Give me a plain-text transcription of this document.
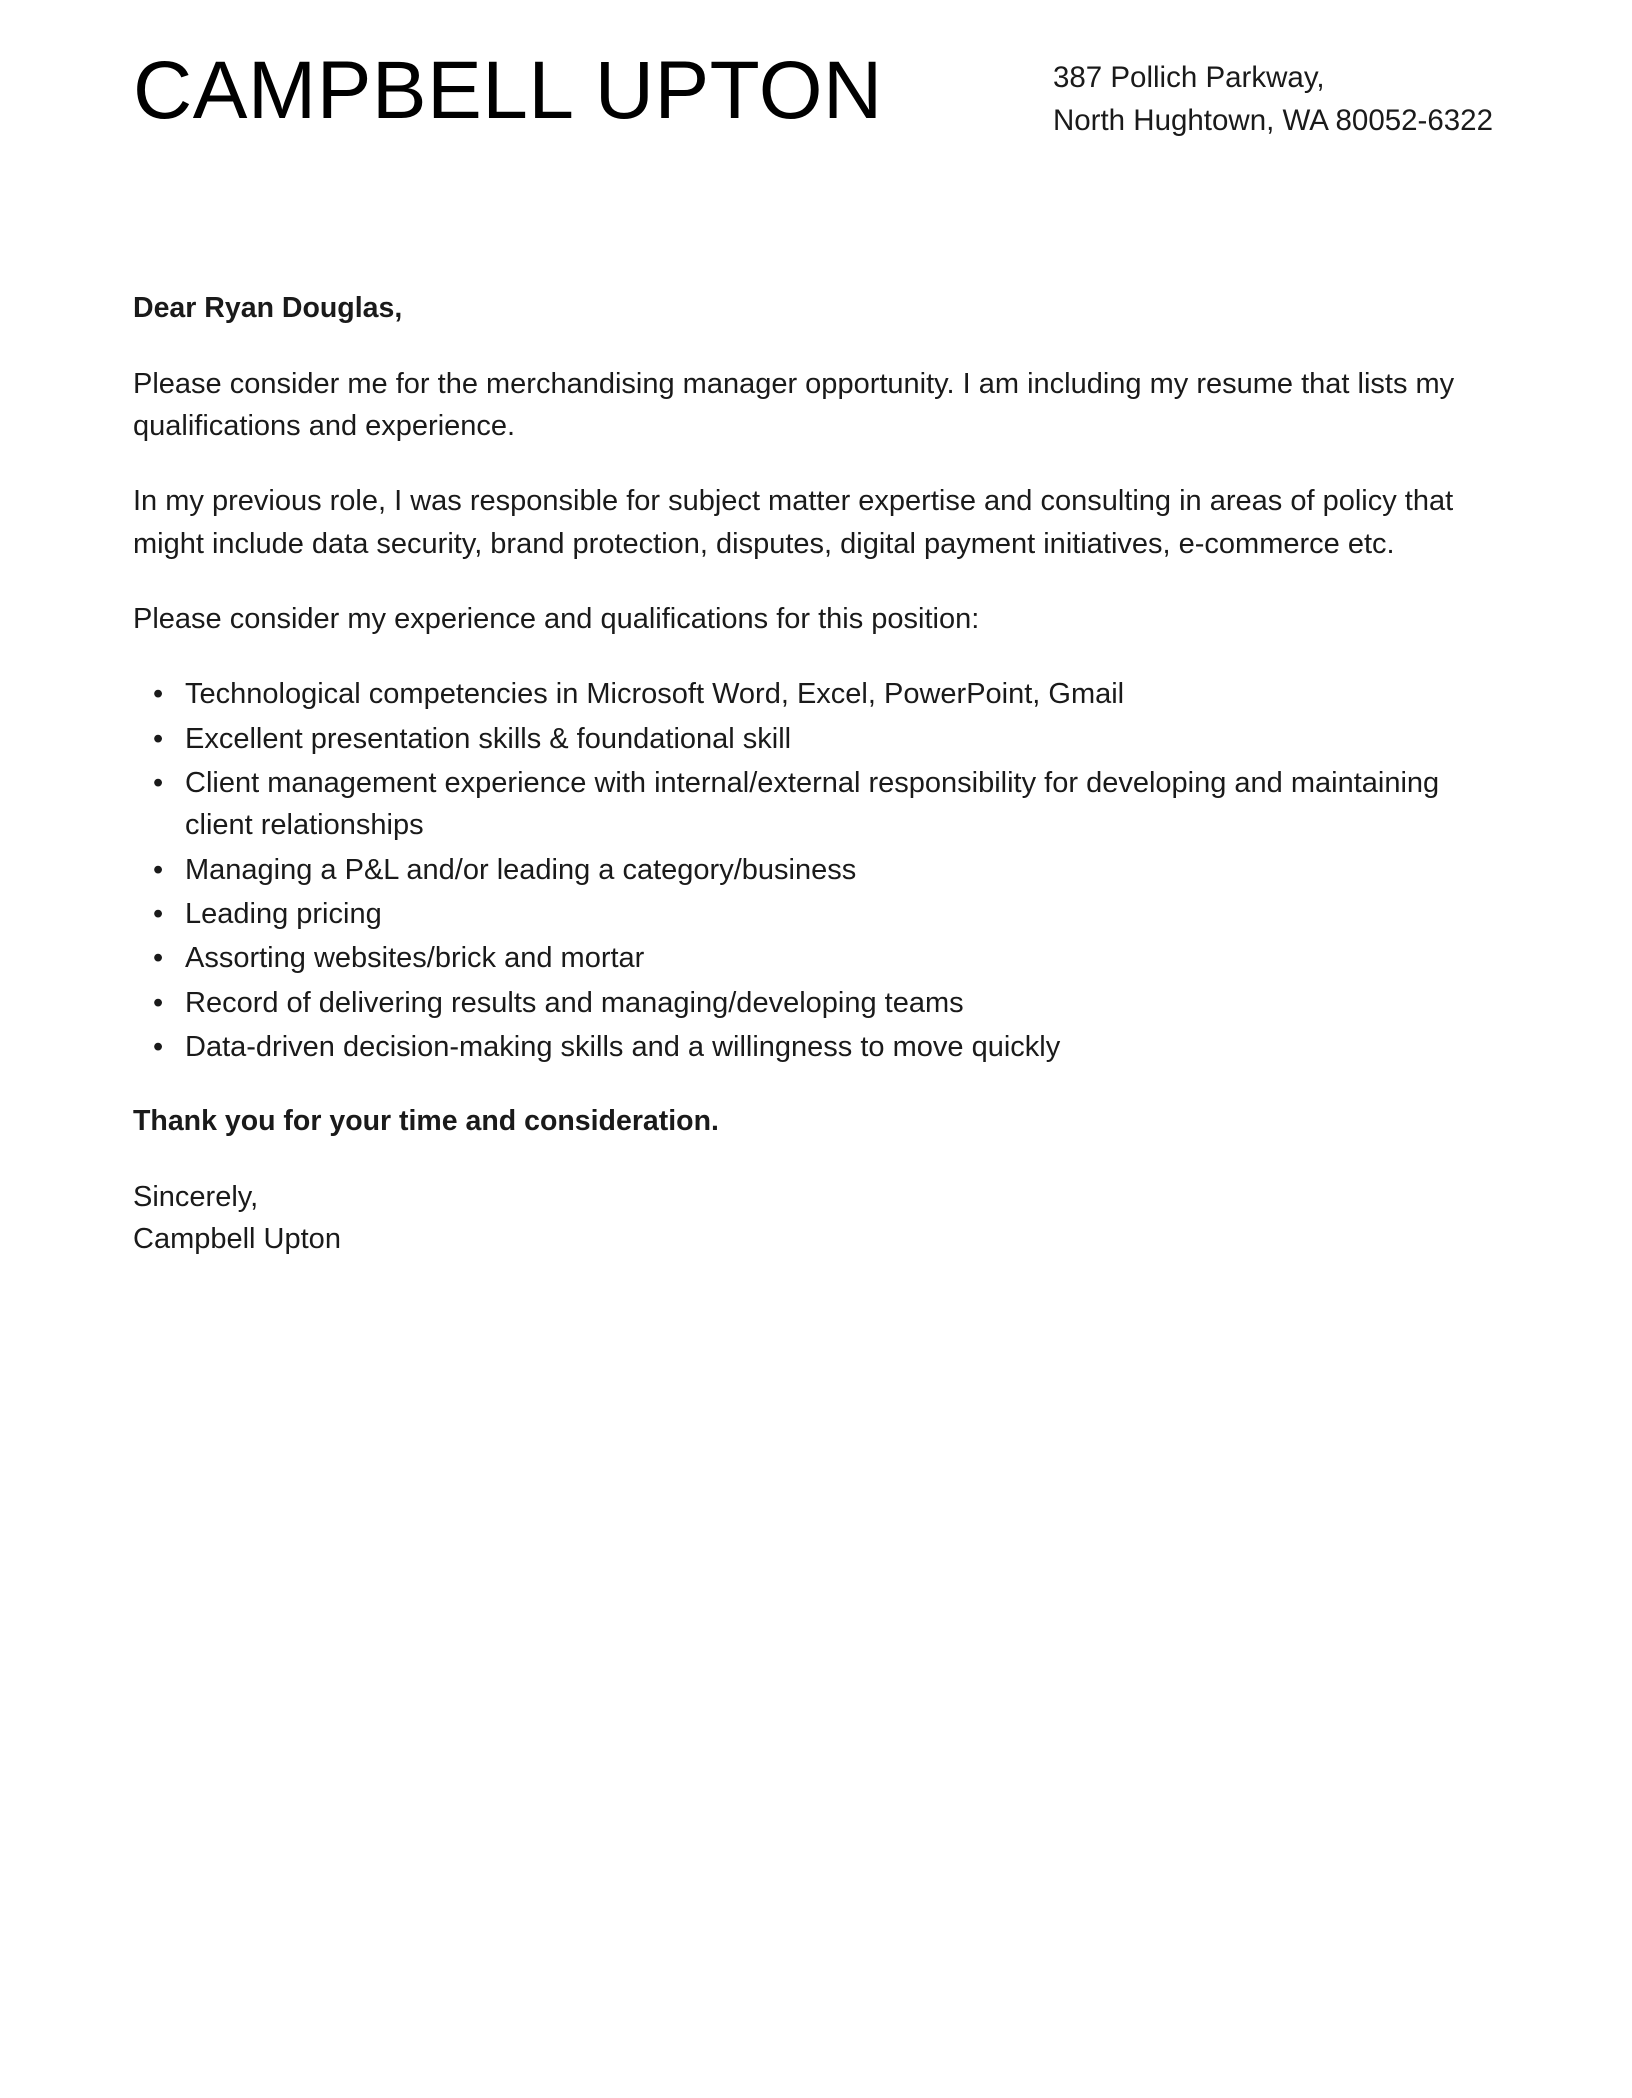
CAMPBELL UPTON	387 Pollich Parkway,
North Hughtown, WA 80052-6322

Dear Ryan Douglas,

Please consider me for the merchandising manager opportunity. I am including my resume that lists my qualifications and experience.

In my previous role, I was responsible for subject matter expertise and consulting in areas of policy that might include data security, brand protection, disputes, digital payment initiatives, e-commerce etc.

Please consider my experience and qualifications for this position:

• Technological competencies in Microsoft Word, Excel, PowerPoint, Gmail
• Excellent presentation skills & foundational skill
• Client management experience with internal/external responsibility for developing and maintaining client relationships
• Managing a P&L and/or leading a category/business
• Leading pricing
• Assorting websites/brick and mortar
• Record of delivering results and managing/developing teams
• Data-driven decision-making skills and a willingness to move quickly

Thank you for your time and consideration.

Sincerely,
Campbell Upton
